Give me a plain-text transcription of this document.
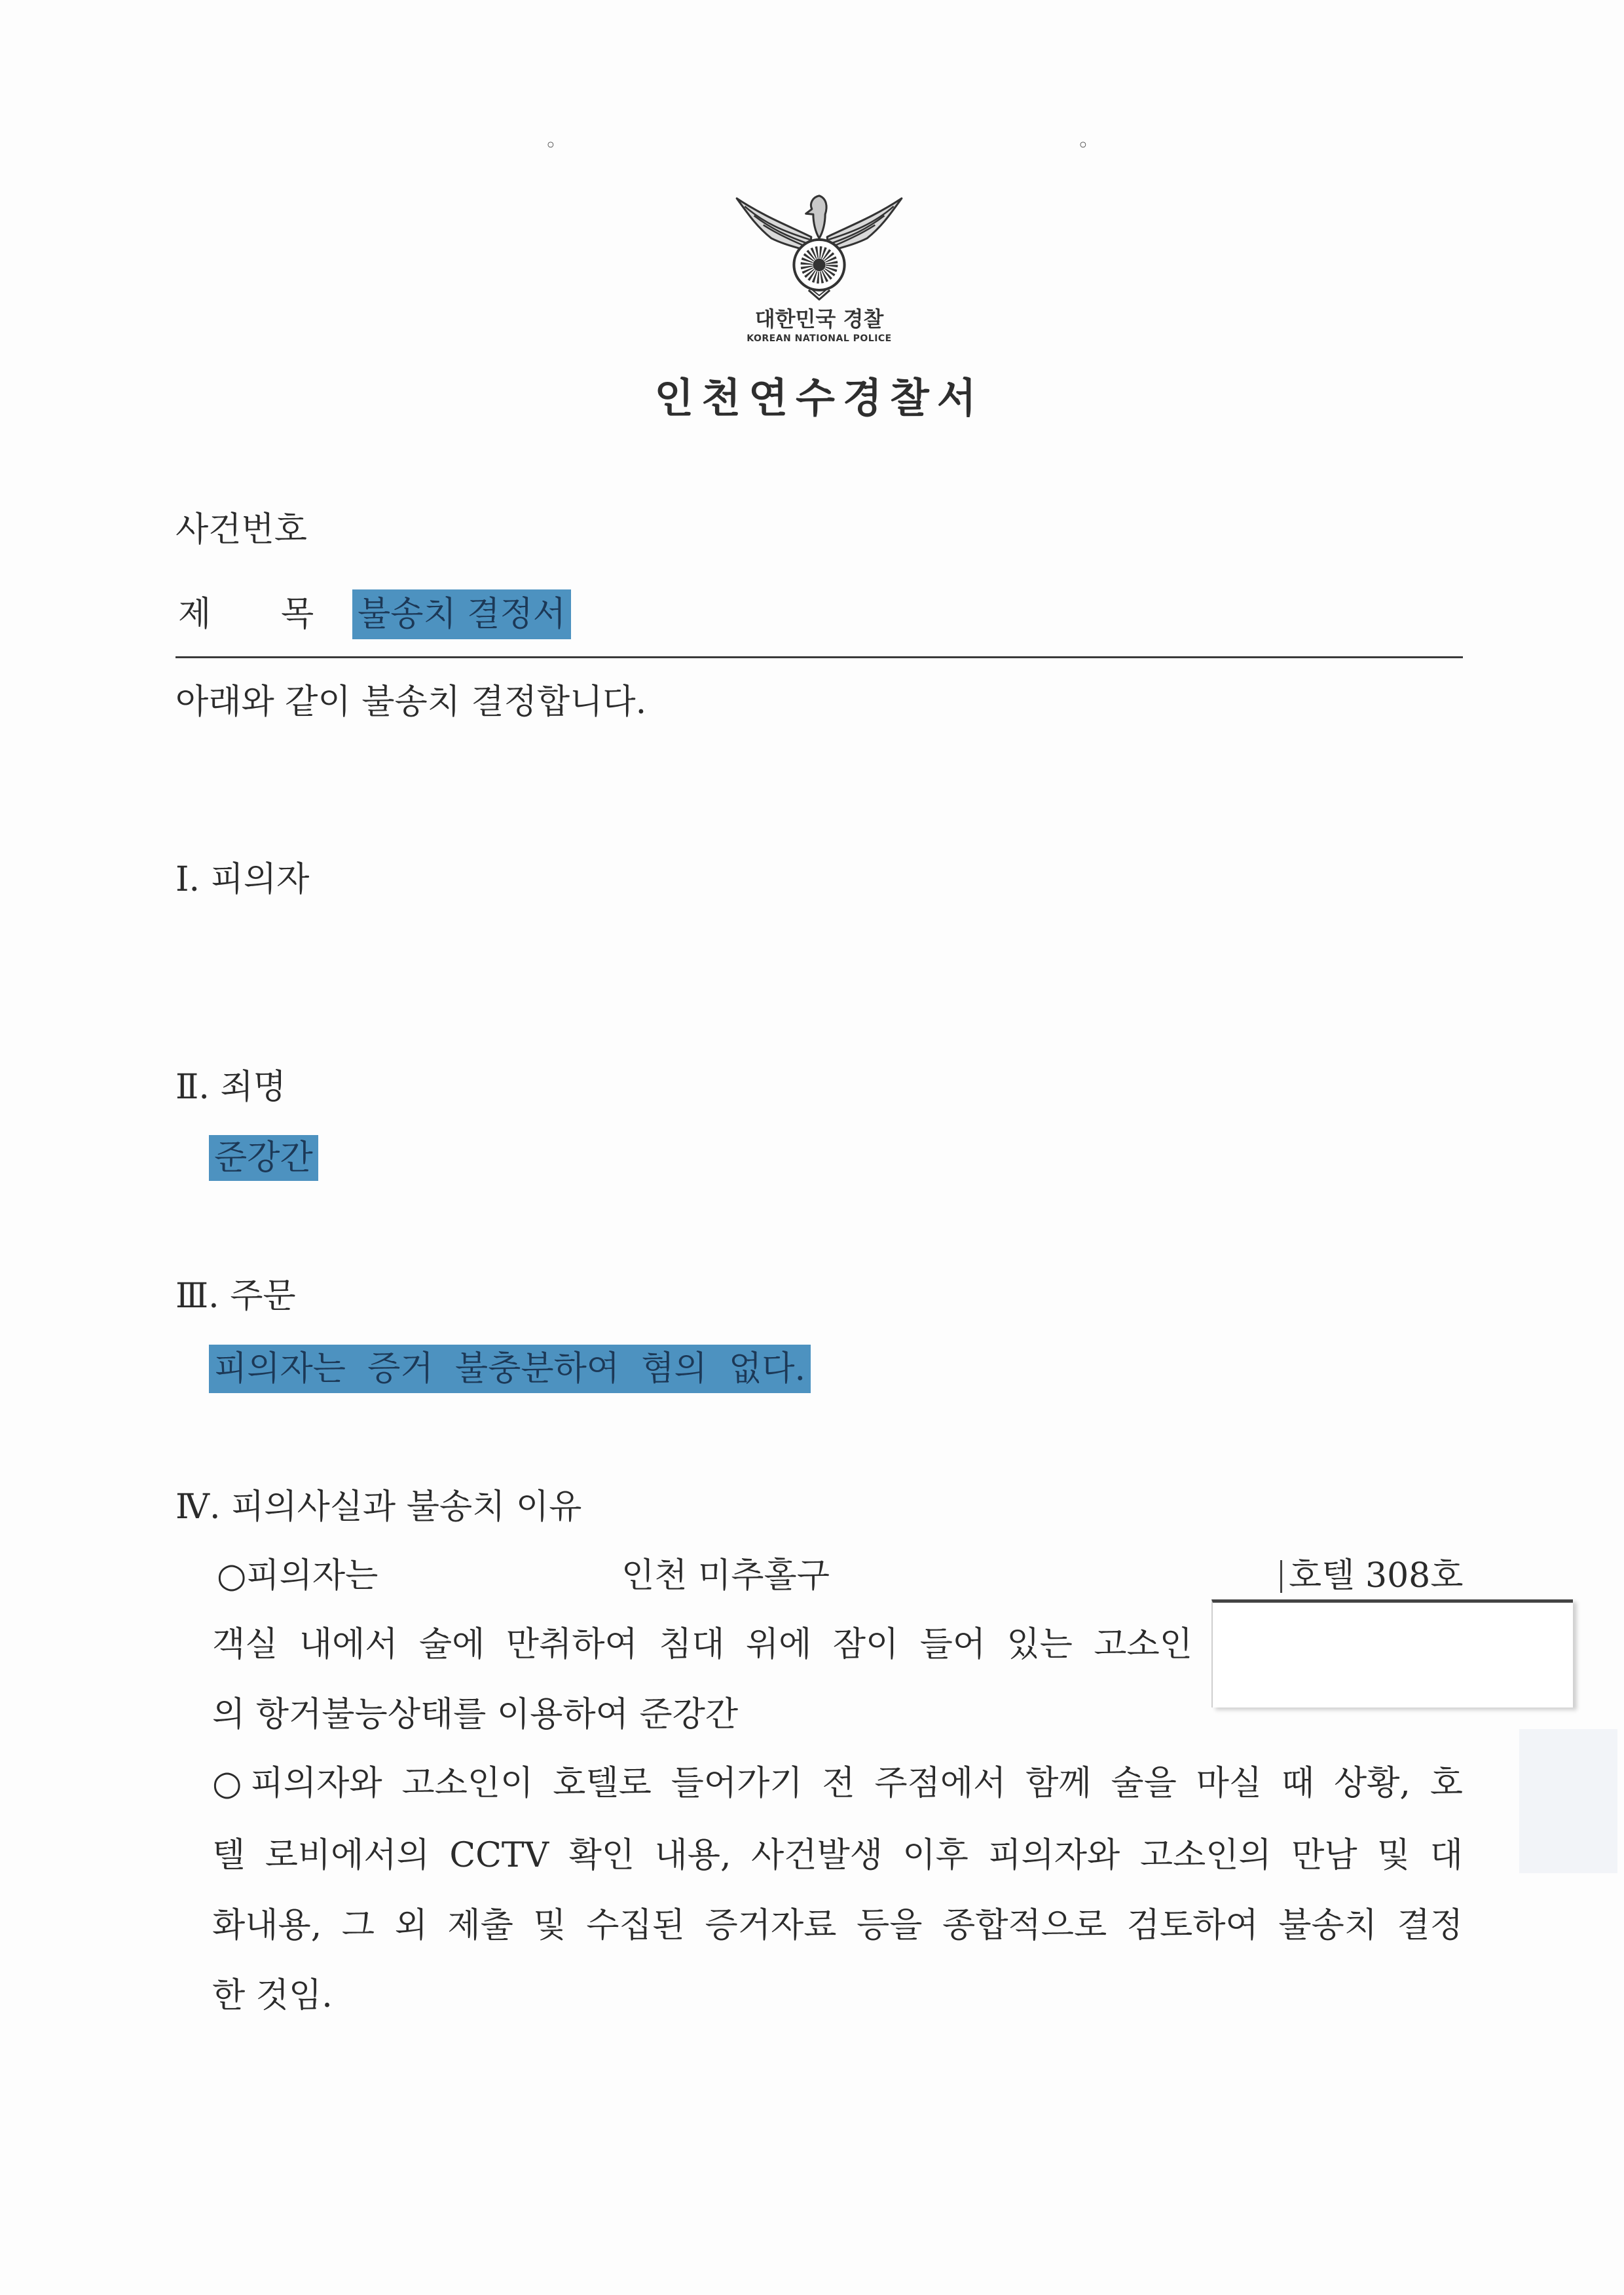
◦	◦
대한민국 경찰
KOREAN NATIONAL POLICE
인천연수경찰서
사건번호
제 목 불송치 결정서
아래와 같이 불송치 결정합니다.
Ⅰ. 피의자
Ⅱ. 죄명
준강간
Ⅲ. 주문
피의자는 증거 불충분하여 혐의 없다.
Ⅳ. 피의사실과 불송치 이유
○피의자는	인천 미추홀구	호텔 308호
객실 내에서 술에 만취하여 침대 위에 잠이 들어 있는 고소인
의 항거불능상태를 이용하여 준강간
○피의자와 고소인이 호텔로 들어가기 전 주점에서 함께 술을 마실 때 상황, 호
텔 로비에서의 CCTV 확인 내용, 사건발생 이후 피의자와 고소인의 만남 및 대
화내용, 그 외 제출 및 수집된 증거자료 등을 종합적으로 검토하여 불송치 결정
한 것임.
